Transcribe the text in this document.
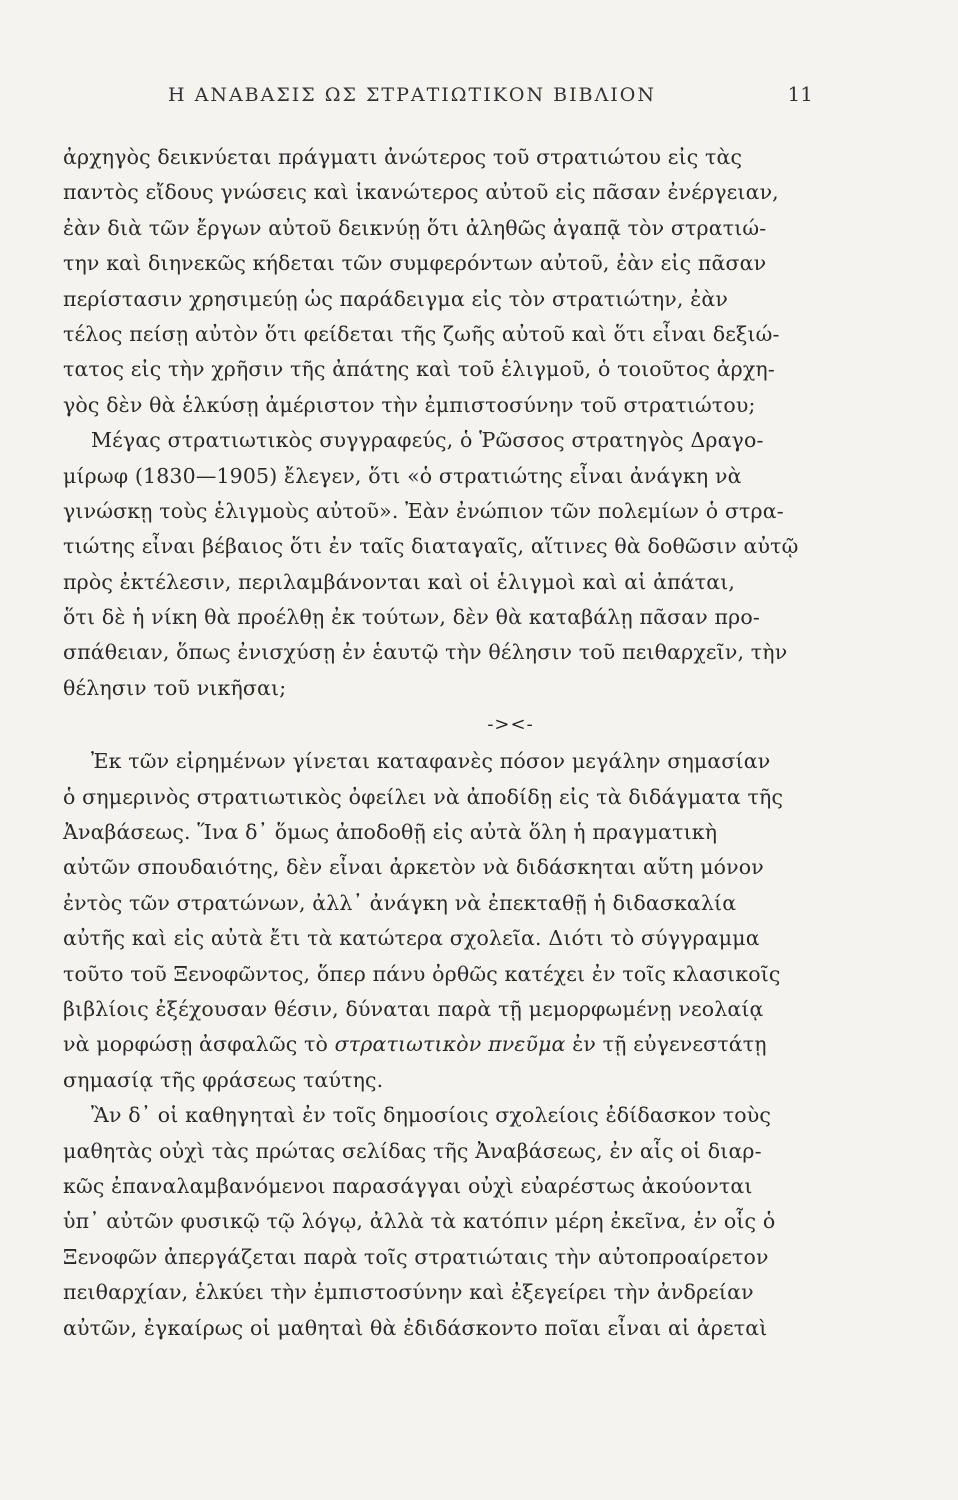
Η ΑΝΑΒΑΣΙΣ ΩΣ ΣΤΡΑΤΙΩΤΙΚΟΝ ΒΙΒΛΙΟΝ	11
ἀρχηγὸς δεικνύεται πράγματι ἀνώτερος τοῦ στρατιώτου εἰς τὰς
παντὸς εἴδους γνώσεις καὶ ἱκανώτερος αὐτοῦ εἰς πᾶσαν ἐνέργειαν,
ἐὰν διὰ τῶν ἔργων αὐτοῦ δεικνύῃ ὅτι ἀληθῶς ἀγαπᾷ τὸν στρατιώ-
την καὶ διηνεκῶς κήδεται τῶν συμφερόντων αὐτοῦ, ἐὰν εἰς πᾶσαν
περίστασιν χρησιμεύῃ ὡς παράδειγμα εἰς τὸν στρατιώτην, ἐὰν
τέλος πείσῃ αὐτὸν ὅτι φείδεται τῆς ζωῆς αὐτοῦ καὶ ὅτι εἶναι δεξιώ-
τατος εἰς τὴν χρῆσιν τῆς ἀπάτης καὶ τοῦ ἑλιγμοῦ, ὁ τοιοῦτος ἀρχη-
γὸς δὲν θὰ ἑλκύσῃ ἀμέριστον τὴν ἐμπιστοσύνην τοῦ στρατιώτου;
Μέγας στρατιωτικὸς συγγραφεύς, ὁ Ῥῶσσος στρατηγὸς Δραγο-
μίρωφ (1830—1905) ἔλεγεν, ὅτι «ὁ στρατιώτης εἶναι ἀνάγκη νὰ
γινώσκῃ τοὺς ἑλιγμοὺς αὐτοῦ». Ἐὰν ἐνώπιον τῶν πολεμίων ὁ στρα-
τιώτης εἶναι βέβαιος ὅτι ἐν ταῖς διαταγαῖς, αἵτινες θὰ δοθῶσιν αὐτῷ
πρὸς ἐκτέλεσιν, περιλαμβάνονται καὶ οἱ ἑλιγμοὶ καὶ αἱ ἀπάται,
ὅτι δὲ ἡ νίκη θὰ προέλθῃ ἐκ τούτων, δὲν θὰ καταβάλῃ πᾶσαν προ-
σπάθειαν, ὅπως ἐνισχύσῃ ἐν ἑαυτῷ τὴν θέλησιν τοῦ πειθαρχεῖν, τὴν
θέλησιν τοῦ νικῆσαι;
-><-
Ἐκ τῶν εἰρημένων γίνεται καταφανὲς πόσον μεγάλην σημασίαν
ὁ σημερινὸς στρατιωτικὸς ὀφείλει νὰ ἀποδίδῃ εἰς τὰ διδάγματα τῆς
Ἀναβάσεως. Ἵνα δ᾽ ὅμως ἀποδοθῇ εἰς αὐτὰ ὅλη ἡ πραγματικὴ
αὐτῶν σπουδαιότης, δὲν εἶναι ἀρκετὸν νὰ διδάσκηται αὕτη μόνον
ἐντὸς τῶν στρατώνων, ἀλλ᾽ ἀνάγκη νὰ ἐπεκταθῇ ἡ διδασκαλία
αὐτῆς καὶ εἰς αὐτὰ ἔτι τὰ κατώτερα σχολεῖα. Διότι τὸ σύγγραμμα
τοῦτο τοῦ Ξενοφῶντος, ὅπερ πάνυ ὀρθῶς κατέχει ἐν τοῖς κλασικοῖς
βιβλίοις ἐξέχουσαν θέσιν, δύναται παρὰ τῇ μεμορφωμένῃ νεολαίᾳ
νὰ μορφώσῃ ἀσφαλῶς τὸ στρατιωτικὸν πνεῦμα ἐν τῇ εὐγενεστάτῃ
σημασίᾳ τῆς φράσεως ταύτης.
Ἂν δ᾽ οἱ καθηγηταὶ ἐν τοῖς δημοσίοις σχολείοις ἐδίδασκον τοὺς
μαθητὰς οὐχὶ τὰς πρώτας σελίδας τῆς Ἀναβάσεως, ἐν αἷς οἱ διαρ-
κῶς ἐπαναλαμβανόμενοι παρασάγγαι οὐχὶ εὐαρέστως ἀκούονται
ὑπ᾽ αὐτῶν φυσικῷ τῷ λόγῳ, ἀλλὰ τὰ κατόπιν μέρη ἐκεῖνα, ἐν οἷς ὁ
Ξενοφῶν ἀπεργάζεται παρὰ τοῖς στρατιώταις τὴν αὐτοπροαίρετον
πειθαρχίαν, ἑλκύει τὴν ἐμπιστοσύνην καὶ ἐξεγείρει τὴν ἀνδρείαν
αὐτῶν, ἐγκαίρως οἱ μαθηταὶ θὰ ἐδιδάσκοντο ποῖαι εἶναι αἱ ἀρεταὶ
